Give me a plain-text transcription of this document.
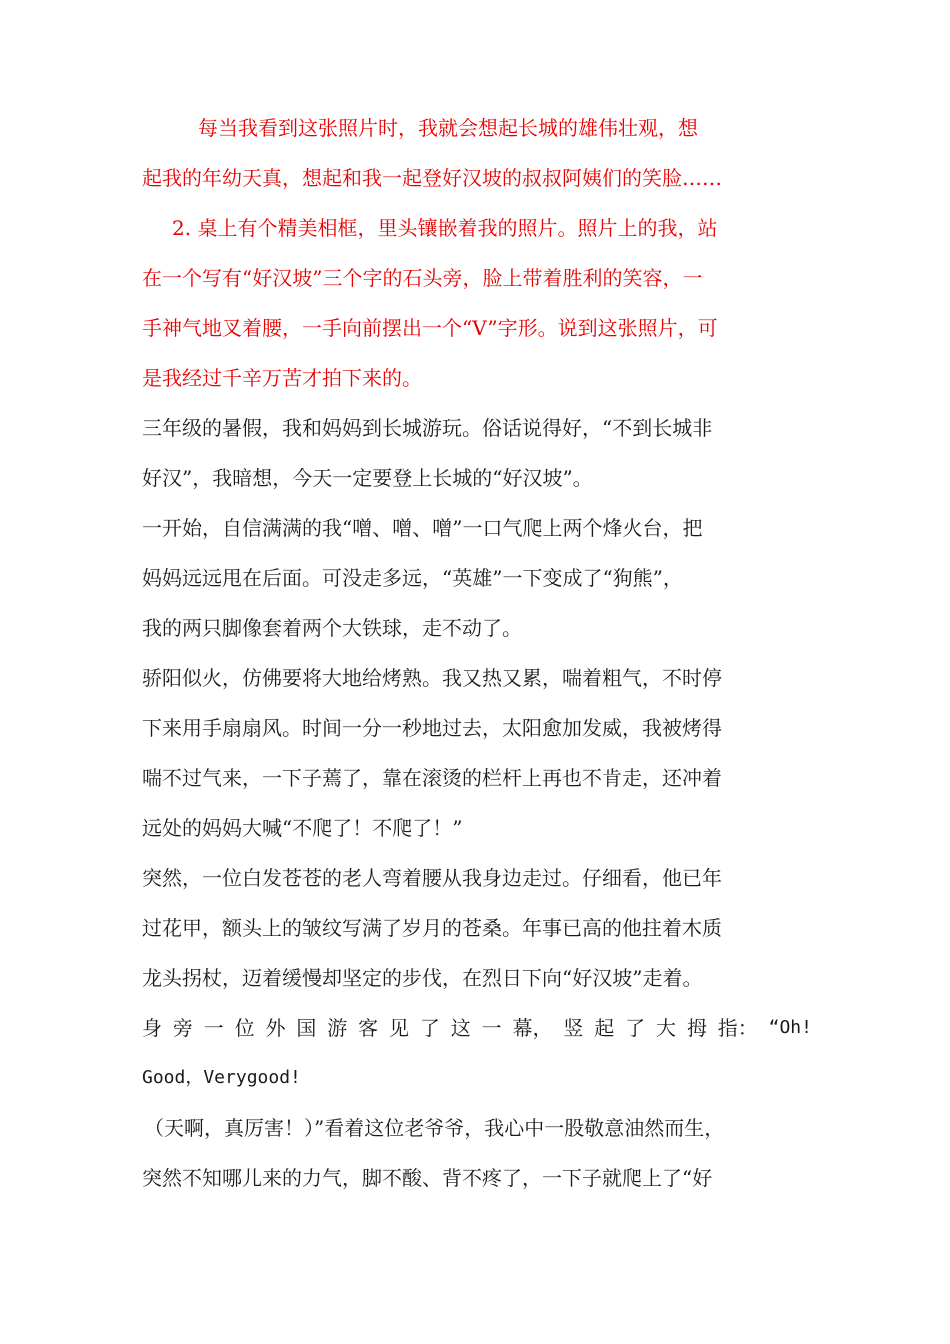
每当我看到这张照片时，我就会想起长城的雄伟壮观，想
起我的年幼天真，想起和我一起登好汉坡的叔叔阿姨们的笑脸……
2. 桌上有个精美相框，里头镶嵌着我的照片。照片上的我，站
在一个写有“好汉坡”三个字的石头旁，脸上带着胜利的笑容，一
手神气地叉着腰，一手向前摆出一个“V”字形。说到这张照片，可
是我经过千辛万苦才拍下来的。
三年级的暑假，我和妈妈到长城游玩。俗话说得好，“不到长城非
好汉”，我暗想，今天一定要登上长城的“好汉坡”。
一开始，自信满满的我“噌、噌、噌”一口气爬上两个烽火台，把
妈妈远远甩在后面。可没走多远，“英雄”一下变成了“狗熊”，
我的两只脚像套着两个大铁球，走不动了。
骄阳似火，仿佛要将大地给烤熟。我又热又累，喘着粗气，不时停
下来用手扇扇风。时间一分一秒地过去，太阳愈加发威，我被烤得
喘不过气来，一下子蔫了，靠在滚烫的栏杆上再也不肯走，还冲着
远处的妈妈大喊“不爬了！不爬了！”
突然，一位白发苍苍的老人弯着腰从我身边走过。仔细看，他已年
过花甲，额头上的皱纹写满了岁月的苍桑。年事已高的他拄着木质
龙头拐杖，迈着缓慢却坚定的步伐，在烈日下向“好汉坡”走着。
身 旁 一 位 外 国 游 客 见 了 这 一 幕， 竖 起 了 大 拇 指： “Oh!
Good，Verygood!
（天啊，真厉害！）”看着这位老爷爷，我心中一股敬意油然而生，
突然不知哪儿来的力气，脚不酸、背不疼了，一下子就爬上了“好
